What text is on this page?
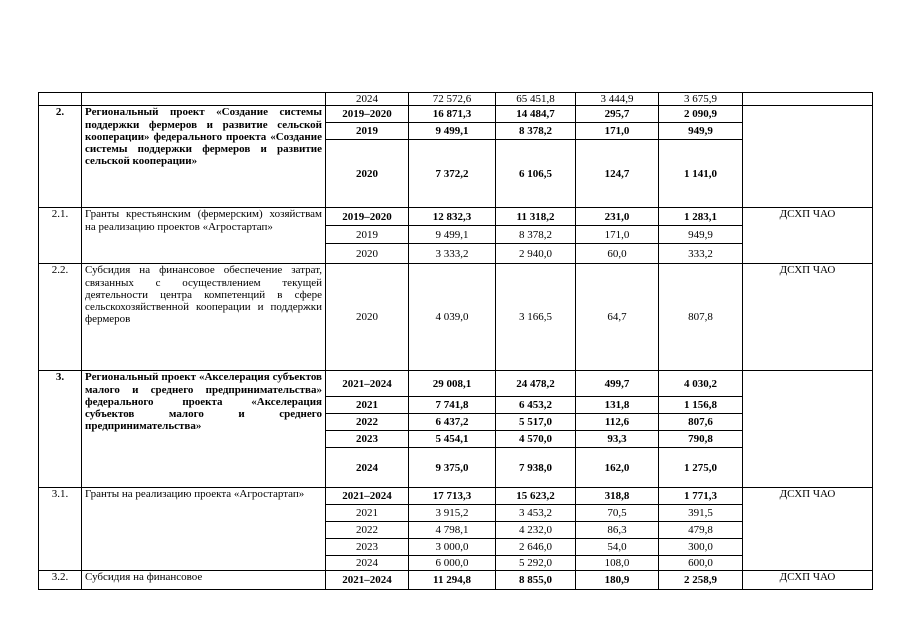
		2024	72 572,6	65 451,8	3 444,9	3 675,9	
2.	Региональный проект «Создание системы поддержки фермеров и развитие сельской кооперации» федерального проекта «Создание системы поддержки фермеров и развитие сельской кооперации»	2019–2020	16 871,3	14 484,7	295,7	2 090,9	
		2019	9 499,1	8 378,2	171,0	949,9	
		2020	7 372,2	6 106,5	124,7	1 141,0	
2.1.	Гранты крестьянским (фермерским) хозяйствам на реализацию проектов «Агростартап»	2019–2020	12 832,3	11 318,2	231,0	1 283,1	ДСХП ЧАО
		2019	9 499,1	8 378,2	171,0	949,9	
		2020	3 333,2	2 940,0	60,0	333,2	
2.2.	Субсидия на финансовое обеспечение затрат, связанных с осуществлением текущей деятельности центра компетенций в сфере сельскохозяйственной кооперации и поддержки фермеров	2020	4 039,0	3 166,5	64,7	807,8	ДСХП ЧАО
3.	Региональный проект «Акселерация субъектов малого и среднего предпринимательства» федерального проекта «Акселерация субъектов малого и среднего предпринимательства»	2021–2024	29 008,1	24 478,2	499,7	4 030,2	
		2021	7 741,8	6 453,2	131,8	1 156,8	
		2022	6 437,2	5 517,0	112,6	807,6	
		2023	5 454,1	4 570,0	93,3	790,8	
		2024	9 375,0	7 938,0	162,0	1 275,0	
3.1.	Гранты на реализацию проекта «Агростартап»	2021–2024	17 713,3	15 623,2	318,8	1 771,3	ДСХП ЧАО
		2021	3 915,2	3 453,2	70,5	391,5	
		2022	4 798,1	4 232,0	86,3	479,8	
		2023	3 000,0	2 646,0	54,0	300,0	
		2024	6 000,0	5 292,0	108,0	600,0	
3.2.	Субсидия на финансовое	2021–2024	11 294,8	8 855,0	180,9	2 258,9	ДСХП ЧАО
